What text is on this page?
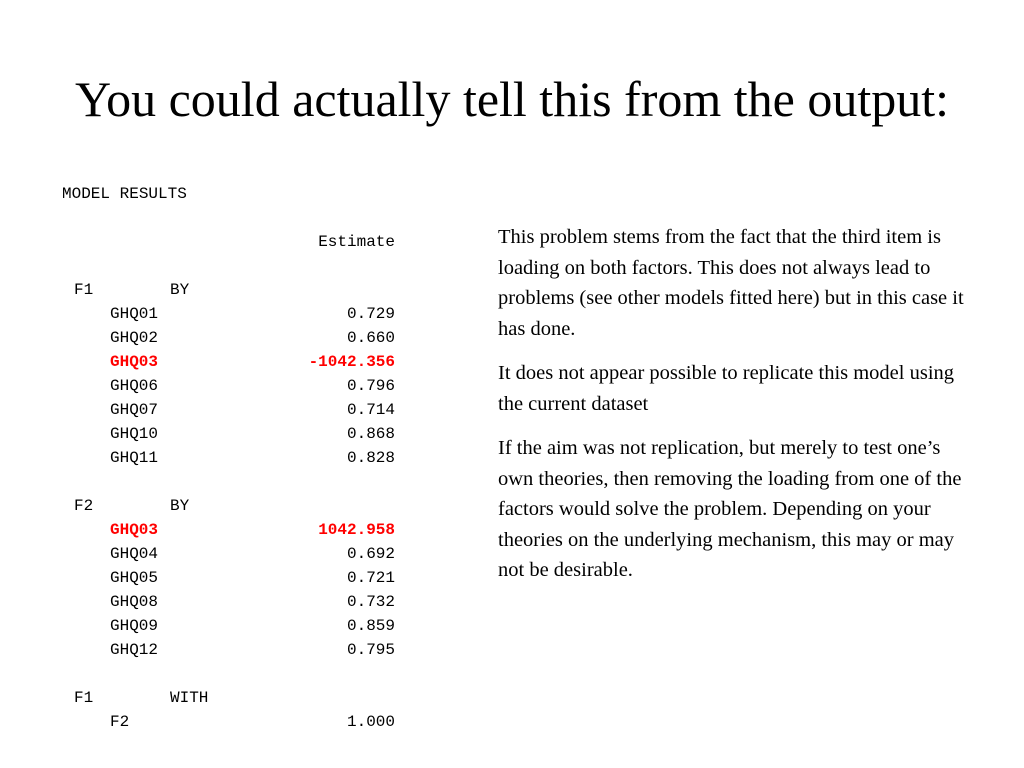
You could actually tell this from the output:
MODEL RESULTS
Estimate
F1	BY
GHQ01	0.729
GHQ02	0.660
GHQ03	-1042.356
GHQ06	0.796
GHQ07	0.714
GHQ10	0.868
GHQ11	0.828
F2	BY
GHQ03	1042.958
GHQ04	0.692
GHQ05	0.721
GHQ08	0.732
GHQ09	0.859
GHQ12	0.795
F1	WITH
F2	1.000

This problem stems from the fact that the third item is loading on both factors. This does not always lead to problems (see other models fitted here) but in this case it has done.

It does not appear possible to replicate this model using the current dataset

If the aim was not replication, but merely to test one’s own theories, then removing the loading from one of the factors would solve the problem. Depending on your theories on the underlying mechanism, this may or may not be desirable.
